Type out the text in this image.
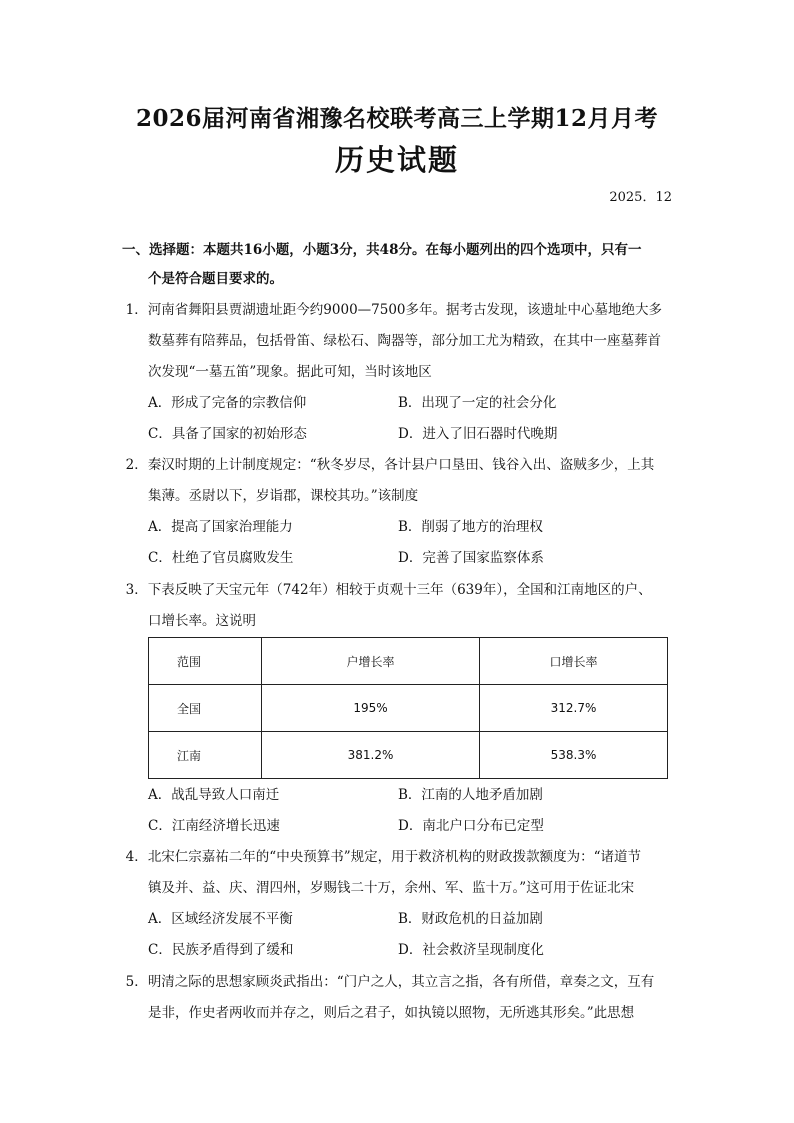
2026届河南省湘豫名校联考高三上学期12月月考
历史试题
2025．12
一、选择题：本题共16小题，小题3分，共48分。在每小题列出的四个选项中，只有一
个是符合题目要求的。
1．河南省舞阳县贾湖遗址距今约9000—7500多年。据考古发现，该遗址中心墓地绝大多
数墓葬有陪葬品，包括骨笛、绿松石、陶器等，部分加工尤为精致，在其中一座墓葬首
次发现“一墓五笛”现象。据此可知，当时该地区
A．形成了完备的宗教信仰	B．出现了一定的社会分化
C．具备了国家的初始形态	D．进入了旧石器时代晚期
2．秦汉时期的上计制度规定：“秋冬岁尽，各计县户口垦田、钱谷入出、盗贼多少，上其
集薄。丞尉以下，岁诣郡，课校其功。”该制度
A．提高了国家治理能力	B．削弱了地方的治理权
C．杜绝了官员腐败发生	D．完善了国家监察体系
3．下表反映了天宝元年（742年）相较于贞观十三年（639年），全国和江南地区的户、
口增长率。这说明
范围	户增长率	口增长率
全国	195%	312.7%
江南	381.2%	538.3%
A．战乱导致人口南迁	B．江南的人地矛盾加剧
C．江南经济增长迅速	D．南北户口分布已定型
4．北宋仁宗嘉祐二年的“中央预算书”规定，用于救济机构的财政拨款额度为：“诸道节
镇及并、益、庆、渭四州，岁赐钱二十万，余州、军、监十万。”这可用于佐证北宋
A．区域经济发展不平衡	B．财政危机的日益加剧
C．民族矛盾得到了缓和	D．社会救济呈现制度化
5．明清之际的思想家顾炎武指出：“门户之人，其立言之指，各有所借，章奏之文，互有
是非，作史者两收而并存之，则后之君子，如执镜以照物，无所逃其形矣。”此思想
